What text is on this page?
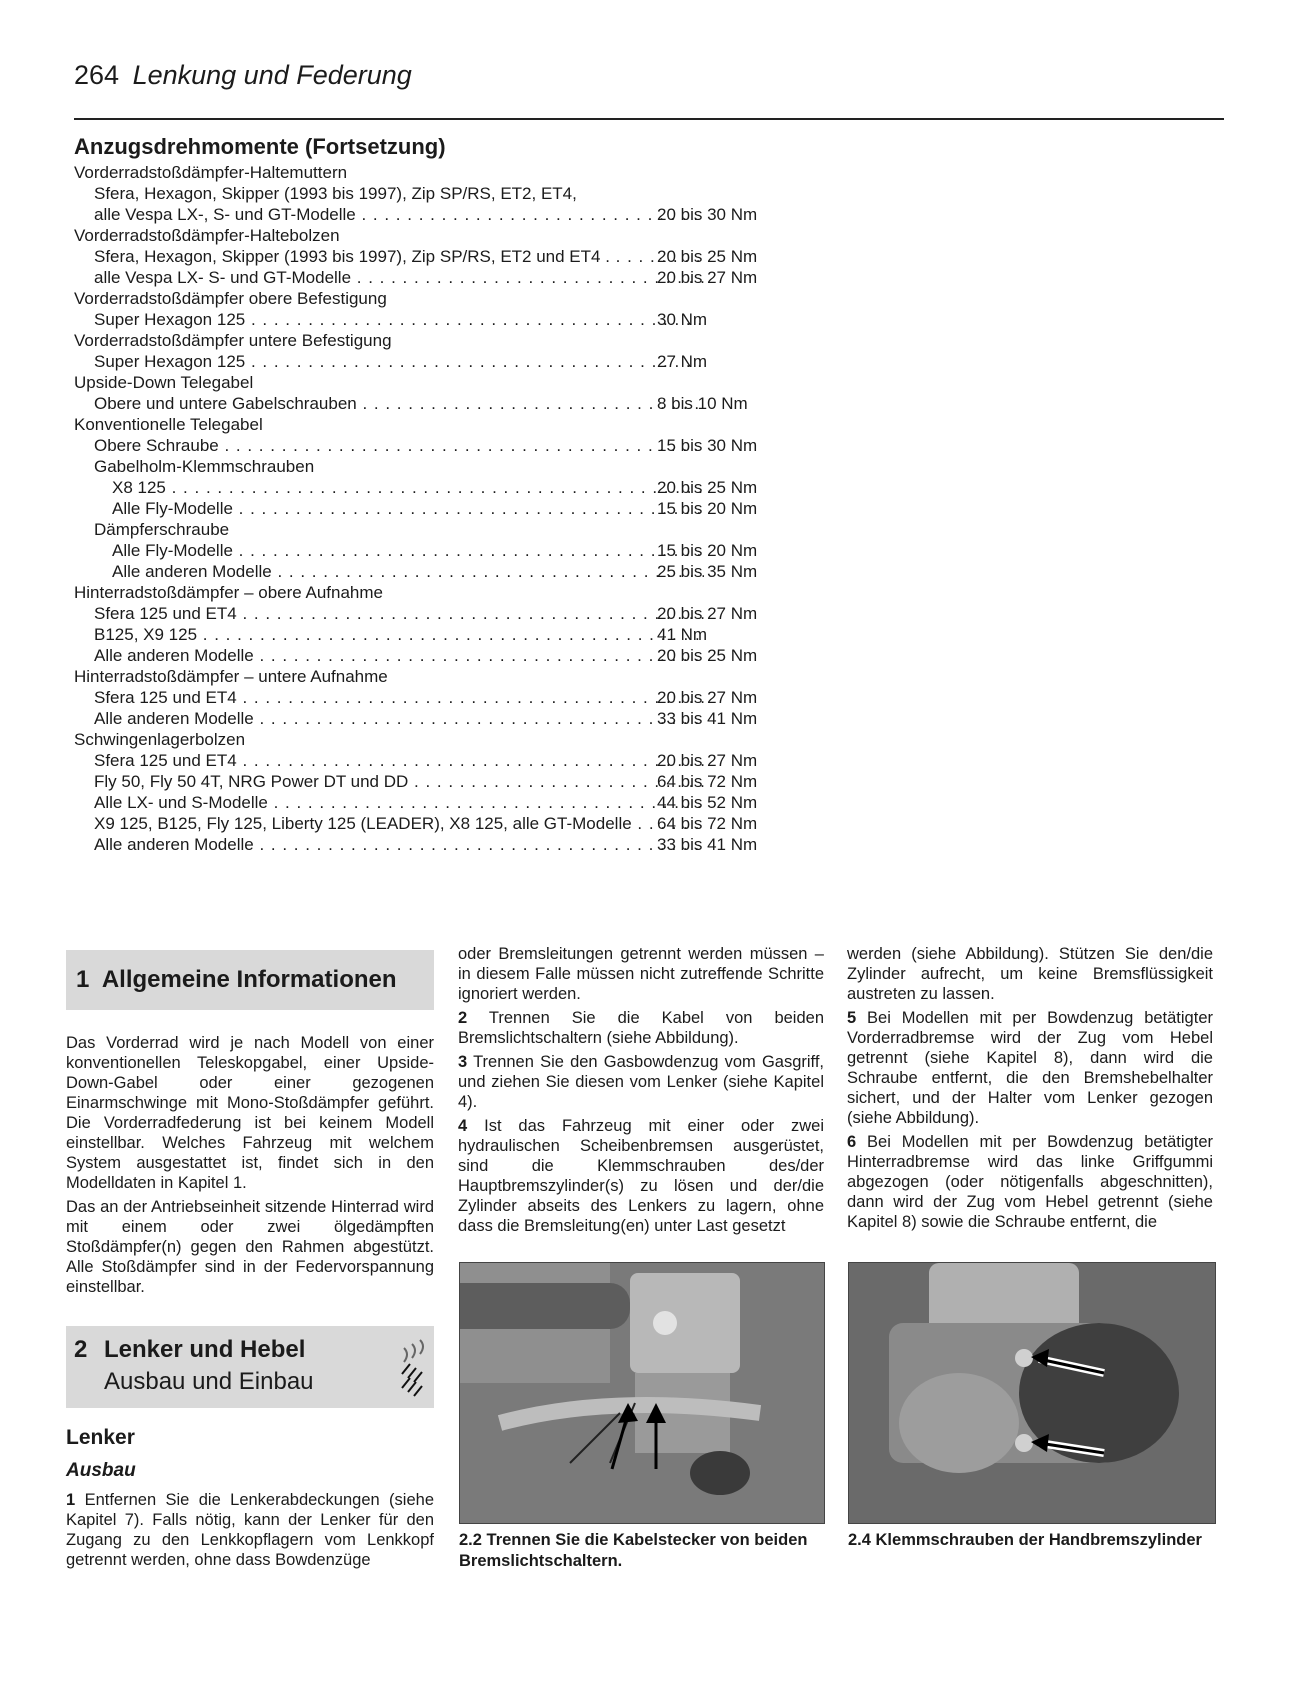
264 Lenkung und Federung
Anzugsdrehmomente (Fortsetzung)
Vorderradstoßdämpfer-Haltemuttern
Sfera, Hexagon, Skipper (1993 bis 1997), Zip SP/RS, ET2, ET4,
alle Vespa LX-, S- und GT-Modelle . . .	20 bis 30 Nm
Vorderradstoßdämpfer-Haltebolzen
Sfera, Hexagon, Skipper (1993 bis 1997), Zip SP/RS, ET2 und ET4 . . . .	20 bis 25 Nm
alle Vespa LX- S- und GT-Modelle . . .	20 bis 27 Nm
Vorderradstoßdämpfer obere Befestigung
Super Hexagon 125 . . .	30 Nm
Vorderradstoßdämpfer untere Befestigung
Super Hexagon 125 . . .	27 Nm
Upside-Down Telegabel
Obere und untere Gabelschrauben . . .	8 bis 10 Nm
Konventionelle Telegabel
Obere Schraube . . .	15 bis 30 Nm
Gabelholm-Klemmschrauben
X8 125 . . .	20 bis 25 Nm
Alle Fly-Modelle . . .	15 bis 20 Nm
Dämpferschraube
Alle Fly-Modelle . . .	15 bis 20 Nm
Alle anderen Modelle . . .	25 bis 35 Nm
Hinterradstoßdämpfer – obere Aufnahme
Sfera 125 und ET4 . . .	20 bis 27 Nm
B125, X9 125 . . .	41 Nm
Alle anderen Modelle . . .	20 bis 25 Nm
Hinterradstoßdämpfer – untere Aufnahme
Sfera 125 und ET4 . . .	20 bis 27 Nm
Alle anderen Modelle . . .	33 bis 41 Nm
Schwingenlagerbolzen
Sfera 125 und ET4 . . .	20 bis 27 Nm
Fly 50, Fly 50 4T, NRG Power DT und DD . . .	64 bis 72 Nm
Alle LX- und S-Modelle . . .	44 bis 52 Nm
X9 125, B125, Fly 125, Liberty 125 (LEADER), X8 125, alle GT-Modelle . . .	64 bis 72 Nm
Alle anderen Modelle . . .	33 bis 41 Nm
1 Allgemeine Informationen

Das Vorderrad wird je nach Modell von einer konventionellen Teleskopgabel, einer Upside-Down-Gabel oder einer gezogenen Einarmschwinge mit Mono-Stoßdämpfer geführt. Die Vorderradfederung ist bei keinem Modell einstellbar. Welches Fahrzeug mit welchem System ausgestattet ist, findet sich in den Modelldaten in Kapitel 1.

Das an der Antriebseinheit sitzende Hinterrad wird mit einem oder zwei ölgedämpften Stoßdämpfer(n) gegen den Rahmen abgestützt. Alle Stoßdämpfer sind in der Federvorspannung einstellbar.

2 Lenker und Hebel
Ausbau und Einbau
Lenker
Ausbau

1 Entfernen Sie die Lenkerabdeckungen (siehe Kapitel 7). Falls nötig, kann der Lenker für den Zugang zu den Lenkkopflagern vom Lenkkopf getrennt werden, ohne dass Bowdenzüge

oder Bremsleitungen getrennt werden müssen – in diesem Falle müssen nicht zutreffende Schritte ignoriert werden.

2 Trennen Sie die Kabel von beiden Bremslichtschaltern (siehe Abbildung).

3 Trennen Sie den Gasbowdenzug vom Gasgriff, und ziehen Sie diesen vom Lenker (siehe Kapitel 4).

4 Ist das Fahrzeug mit einer oder zwei hydraulischen Scheibenbremsen ausgerüstet, sind die Klemmschrauben des/der Hauptbremszylinder(s) zu lösen und der/die Zylinder abseits des Lenkers zu lagern, ohne dass die Bremsleitung(en) unter Last gesetzt

werden (siehe Abbildung). Stützen Sie den/die Zylinder aufrecht, um keine Bremsflüssigkeit austreten zu lassen.

5 Bei Modellen mit per Bowdenzug betätigter Vorderradbremse wird der Zug vom Hebel getrennt (siehe Kapitel 8), dann wird die Schraube entfernt, die den Bremshebelhalter sichert, und der Halter vom Lenker gezogen (siehe Abbildung).

6 Bei Modellen mit per Bowdenzug betätigter Hinterradbremse wird das linke Griffgummi abgezogen (oder nötigenfalls abgeschnitten), dann wird der Zug vom Hebel getrennt (siehe Kapitel 8) sowie die Schraube entfernt, die

2.2 Trennen Sie die Kabelstecker von beiden Bremslichtschaltern.
2.4 Klemmschrauben der Handbremszylinder
